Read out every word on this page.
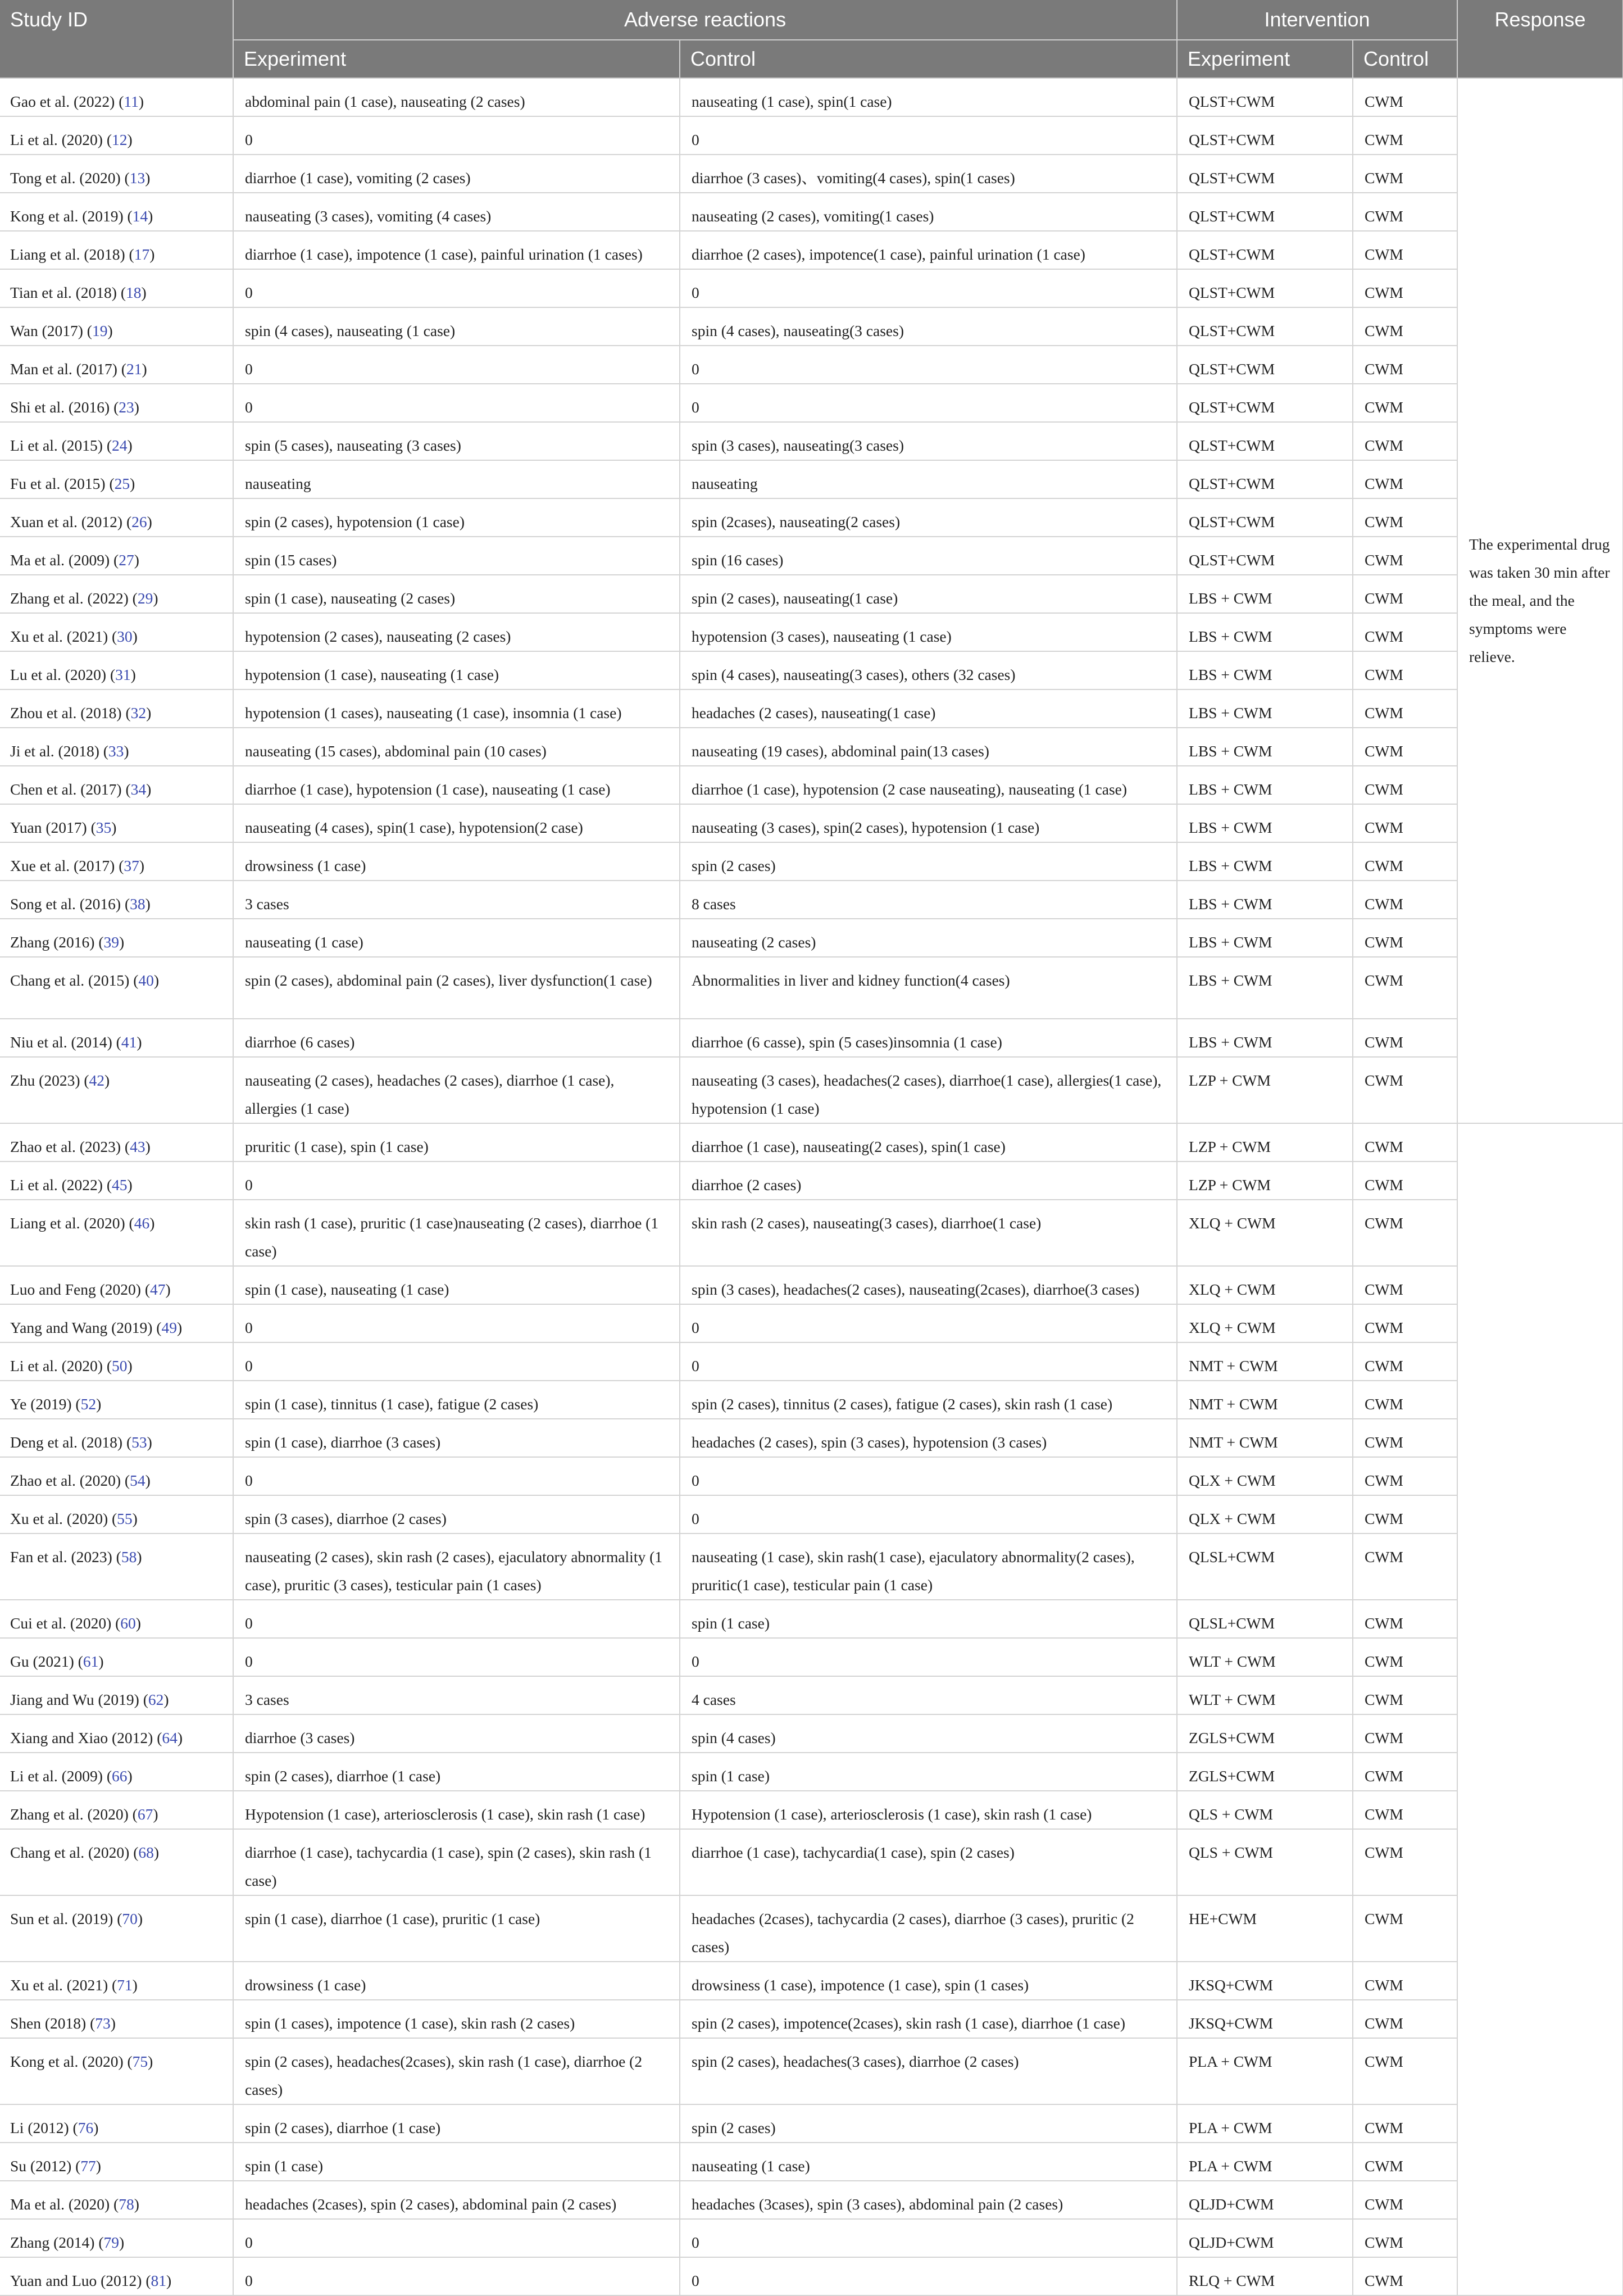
Study ID	Adverse reactions		Intervention		Response
	Experiment	Control	Experiment	Control	
Gao et al. (2022) (11)	abdominal pain (1 case), nauseating (2 cases)	nauseating (1 case), spin(1 case)	QLST+CWM	CWM	The experimental drug was taken 30 min after the meal, and the symptoms were relieve.
Li et al. (2020) (12)	0	0	QLST+CWM	CWM	
Tong et al. (2020) (13)	diarrhoe (1 case), vomiting (2 cases)	diarrhoe (3 cases)、vomiting(4 cases), spin(1 cases)	QLST+CWM	CWM	
Kong et al. (2019) (14)	nauseating (3 cases), vomiting (4 cases)	nauseating (2 cases), vomiting(1 cases)	QLST+CWM	CWM	
Liang et al. (2018) (17)	diarrhoe (1 case), impotence (1 case), painful urination (1 cases)	diarrhoe (2 cases), impotence(1 case), painful urination (1 case)	QLST+CWM	CWM	
Tian et al. (2018) (18)	0	0	QLST+CWM	CWM	
Wan (2017) (19)	spin (4 cases), nauseating (1 case)	spin (4 cases), nauseating(3 cases)	QLST+CWM	CWM	
Man et al. (2017) (21)	0	0	QLST+CWM	CWM	
Shi et al. (2016) (23)	0	0	QLST+CWM	CWM	
Li et al. (2015) (24)	spin (5 cases), nauseating (3 cases)	spin (3 cases), nauseating(3 cases)	QLST+CWM	CWM	
Fu et al. (2015) (25)	nauseating	nauseating	QLST+CWM	CWM	
Xuan et al. (2012) (26)	spin (2 cases), hypotension (1 case)	spin (2cases), nauseating(2 cases)	QLST+CWM	CWM	
Ma et al. (2009) (27)	spin (15 cases)	spin (16 cases)	QLST+CWM	CWM	
Zhang et al. (2022) (29)	spin (1 case), nauseating (2 cases)	spin (2 cases), nauseating(1 case)	LBS + CWM	CWM	
Xu et al. (2021) (30)	hypotension (2 cases), nauseating (2 cases)	hypotension (3 cases), nauseating (1 case)	LBS + CWM	CWM	
Lu et al. (2020) (31)	hypotension (1 case), nauseating (1 case)	spin (4 cases), nauseating(3 cases), others (32 cases)	LBS + CWM	CWM	
Zhou et al. (2018) (32)	hypotension (1 cases), nauseating (1 case), insomnia (1 case)	headaches (2 cases), nauseating(1 case)	LBS + CWM	CWM	
Ji et al. (2018) (33)	nauseating (15 cases), abdominal pain (10 cases)	nauseating (19 cases), abdominal pain(13 cases)	LBS + CWM	CWM	
Chen et al. (2017) (34)	diarrhoe (1 case), hypotension (1 case), nauseating (1 case)	diarrhoe (1 case), hypotension (2 case nauseating), nauseating (1 case)	LBS + CWM	CWM	
Yuan (2017) (35)	nauseating (4 cases), spin(1 case), hypotension(2 case)	nauseating (3 cases), spin(2 cases), hypotension (1 case)	LBS + CWM	CWM	
Xue et al. (2017) (37)	drowsiness (1 case)	spin (2 cases)	LBS + CWM	CWM	
Song et al. (2016) (38)	3 cases	8 cases	LBS + CWM	CWM	
Zhang (2016) (39)	nauseating (1 case)	nauseating (2 cases)	LBS + CWM	CWM	
Chang et al. (2015) (40)	spin (2 cases), abdominal pain (2 cases), liver dysfunction(1 case)	Abnormalities in liver and kidney function(4 cases)	LBS + CWM	CWM	
Niu et al. (2014) (41)	diarrhoe (6 cases)	diarrhoe (6 cassе), spin (5 cases)insomnia (1 case)	LBS + CWM	CWM	
Zhu (2023) (42)	nauseating (2 cases), headaches (2 cases), diarrhoe (1 case), allergies (1 case)	nauseating (3 cases), headaches(2 cases), diarrhoe(1 case), allergies(1 case), hypotension (1 case)	LZP + CWM	CWM	
Zhao et al. (2023) (43)	pruritic (1 case), spin (1 case)	diarrhoe (1 case), nauseating(2 cases), spin(1 case)	LZP + CWM	CWM	
Li et al. (2022) (45)	0	diarrhoe (2 cases)	LZP + CWM	CWM	
Liang et al. (2020) (46)	skin rash (1 case), pruritic (1 case)nauseating (2 cases), diarrhoe (1 case)	skin rash (2 cases), nauseating(3 cases), diarrhoe(1 case)	XLQ + CWM	CWM	
Luo and Feng (2020) (47)	spin (1 case), nauseating (1 case)	spin (3 cases), headaches(2 cases), nauseating(2cases), diarrhoe(3 cases)	XLQ + CWM	CWM	
Yang and Wang (2019) (49)	0	0	XLQ + CWM	CWM	
Li et al. (2020) (50)	0	0	NMT + CWM	CWM	
Ye (2019) (52)	spin (1 case), tinnitus (1 case), fatigue (2 cases)	spin (2 cases), tinnitus (2 cases), fatigue (2 cases), skin rash (1 case)	NMT + CWM	CWM	
Deng et al. (2018) (53)	spin (1 case), diarrhoe (3 cases)	headaches (2 cases), spin (3 cases), hypotension (3 cases)	NMT + CWM	CWM	
Zhao et al. (2020) (54)	0	0	QLX + CWM	CWM	
Xu et al. (2020) (55)	spin (3 cases), diarrhoe (2 cases)	0	QLX + CWM	CWM	
Fan et al. (2023) (58)	nauseating (2 cases), skin rash (2 cases), ejaculatory abnormality (1 case), pruritic (3 cases), testicular pain (1 cases)	nauseating (1 case), skin rash(1 case), ejaculatory abnormality(2 cases), pruritic(1 case), testicular pain (1 case)	QLSL+CWM	CWM	
Cui et al. (2020) (60)	0	spin (1 case)	QLSL+CWM	CWM	
Gu (2021) (61)	0	0	WLT + CWM	CWM	
Jiang and Wu (2019) (62)	3 cases	4 cases	WLT + CWM	CWM	
Xiang and Xiao (2012) (64)	diarrhoe (3 cases)	spin (4 cases)	ZGLS+CWM	CWM	
Li et al. (2009) (66)	spin (2 cases), diarrhoe (1 case)	spin (1 case)	ZGLS+CWM	CWM	
Zhang et al. (2020) (67)	Hypotension (1 case), arteriosclerosis (1 case), skin rash (1 case)	Hypotension (1 case), arteriosclerosis (1 case), skin rash (1 case)	QLS + CWM	CWM	
Chang et al. (2020) (68)	diarrhoe (1 case), tachycardia (1 case), spin (2 cases), skin rash (1 case)	diarrhoe (1 case), tachycardia(1 case), spin (2 cases)	QLS + CWM	CWM	
Sun et al. (2019) (70)	spin (1 case), diarrhoe (1 case), pruritic (1 case)	headaches (2cases), tachycardia (2 cases), diarrhoe (3 cases), pruritic (2 cases)	HE+CWM	CWM	
Xu et al. (2021) (71)	drowsiness (1 case)	drowsiness (1 case), impotence (1 case), spin (1 cases)	JKSQ+CWM	CWM	
Shen (2018) (73)	spin (1 cases), impotence (1 case), skin rash (2 cases)	spin (2 cases), impotence(2cases), skin rash (1 case), diarrhoe (1 case)	JKSQ+CWM	CWM	
Kong et al. (2020) (75)	spin (2 cases), headaches(2cases), skin rash (1 case), diarrhoe (2 cases)	spin (2 cases), headaches(3 cases), diarrhoe (2 cases)	PLA + CWM	CWM	
Li (2012) (76)	spin (2 cases), diarrhoe (1 case)	spin (2 cases)	PLA + CWM	CWM	
Su (2012) (77)	spin (1 case)	nauseating (1 case)	PLA + CWM	CWM	
Ma et al. (2020) (78)	headaches (2cases), spin (2 cases), abdominal pain (2 cases)	headaches (3cases), spin (3 cases), abdominal pain (2 cases)	QLJD+CWM	CWM	
Zhang (2014) (79)	0	0	QLJD+CWM	CWM	
Yuan and Luo (2012) (81)	0	0	RLQ + CWM	CWM	
